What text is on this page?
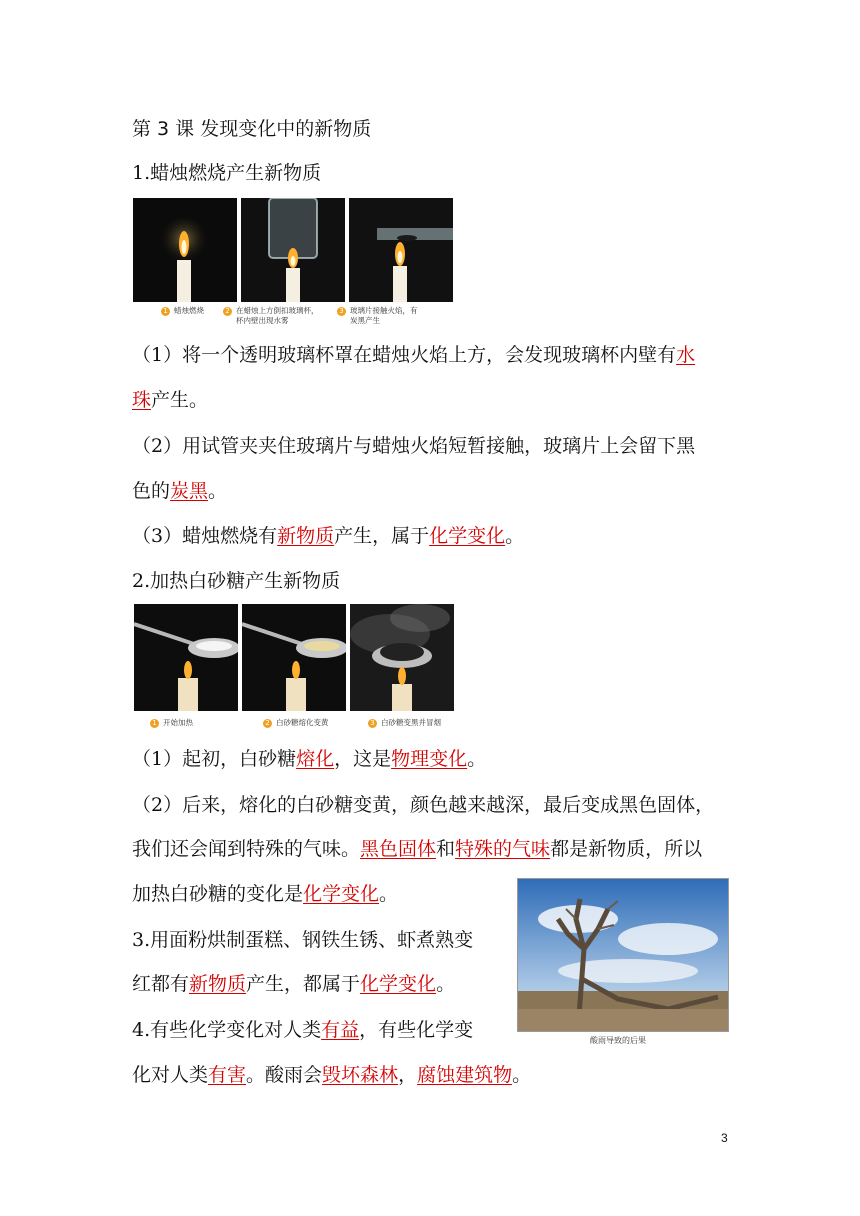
第 3 课 发现变化中的新物质
1.蜡烛燃烧产生新物质
1 蜡烛燃烧	2 在蜡烛上方倒扣玻璃杯，杯内壁出现水雾
3 玻璃片接触火焰，有炭黑产生
（1）将一个透明玻璃杯罩在蜡烛火焰上方，会发现玻璃杯内壁有水
珠产生。
（2）用试管夹夹住玻璃片与蜡烛火焰短暂接触，玻璃片上会留下黑
色的炭黑。
（3）蜡烛燃烧有新物质产生，属于化学变化。
2.加热白砂糖产生新物质
1 开始加热	2 白砂糖熔化变黄	3 白砂糖变黑并冒烟
（1）起初，白砂糖熔化，这是物理变化。
（2）后来，熔化的白砂糖变黄，颜色越来越深，最后变成黑色固体，
我们还会闻到特殊的气味。黑色固体和特殊的气味都是新物质，所以
加热白砂糖的变化是化学变化。
酸雨导致的后果
3.用面粉烘制蛋糕、钢铁生锈、虾煮熟变
红都有新物质产生，都属于化学变化。
4.有些化学变化对人类有益，有些化学变
化对人类有害。酸雨会毁坏森林，腐蚀建筑物。
3
